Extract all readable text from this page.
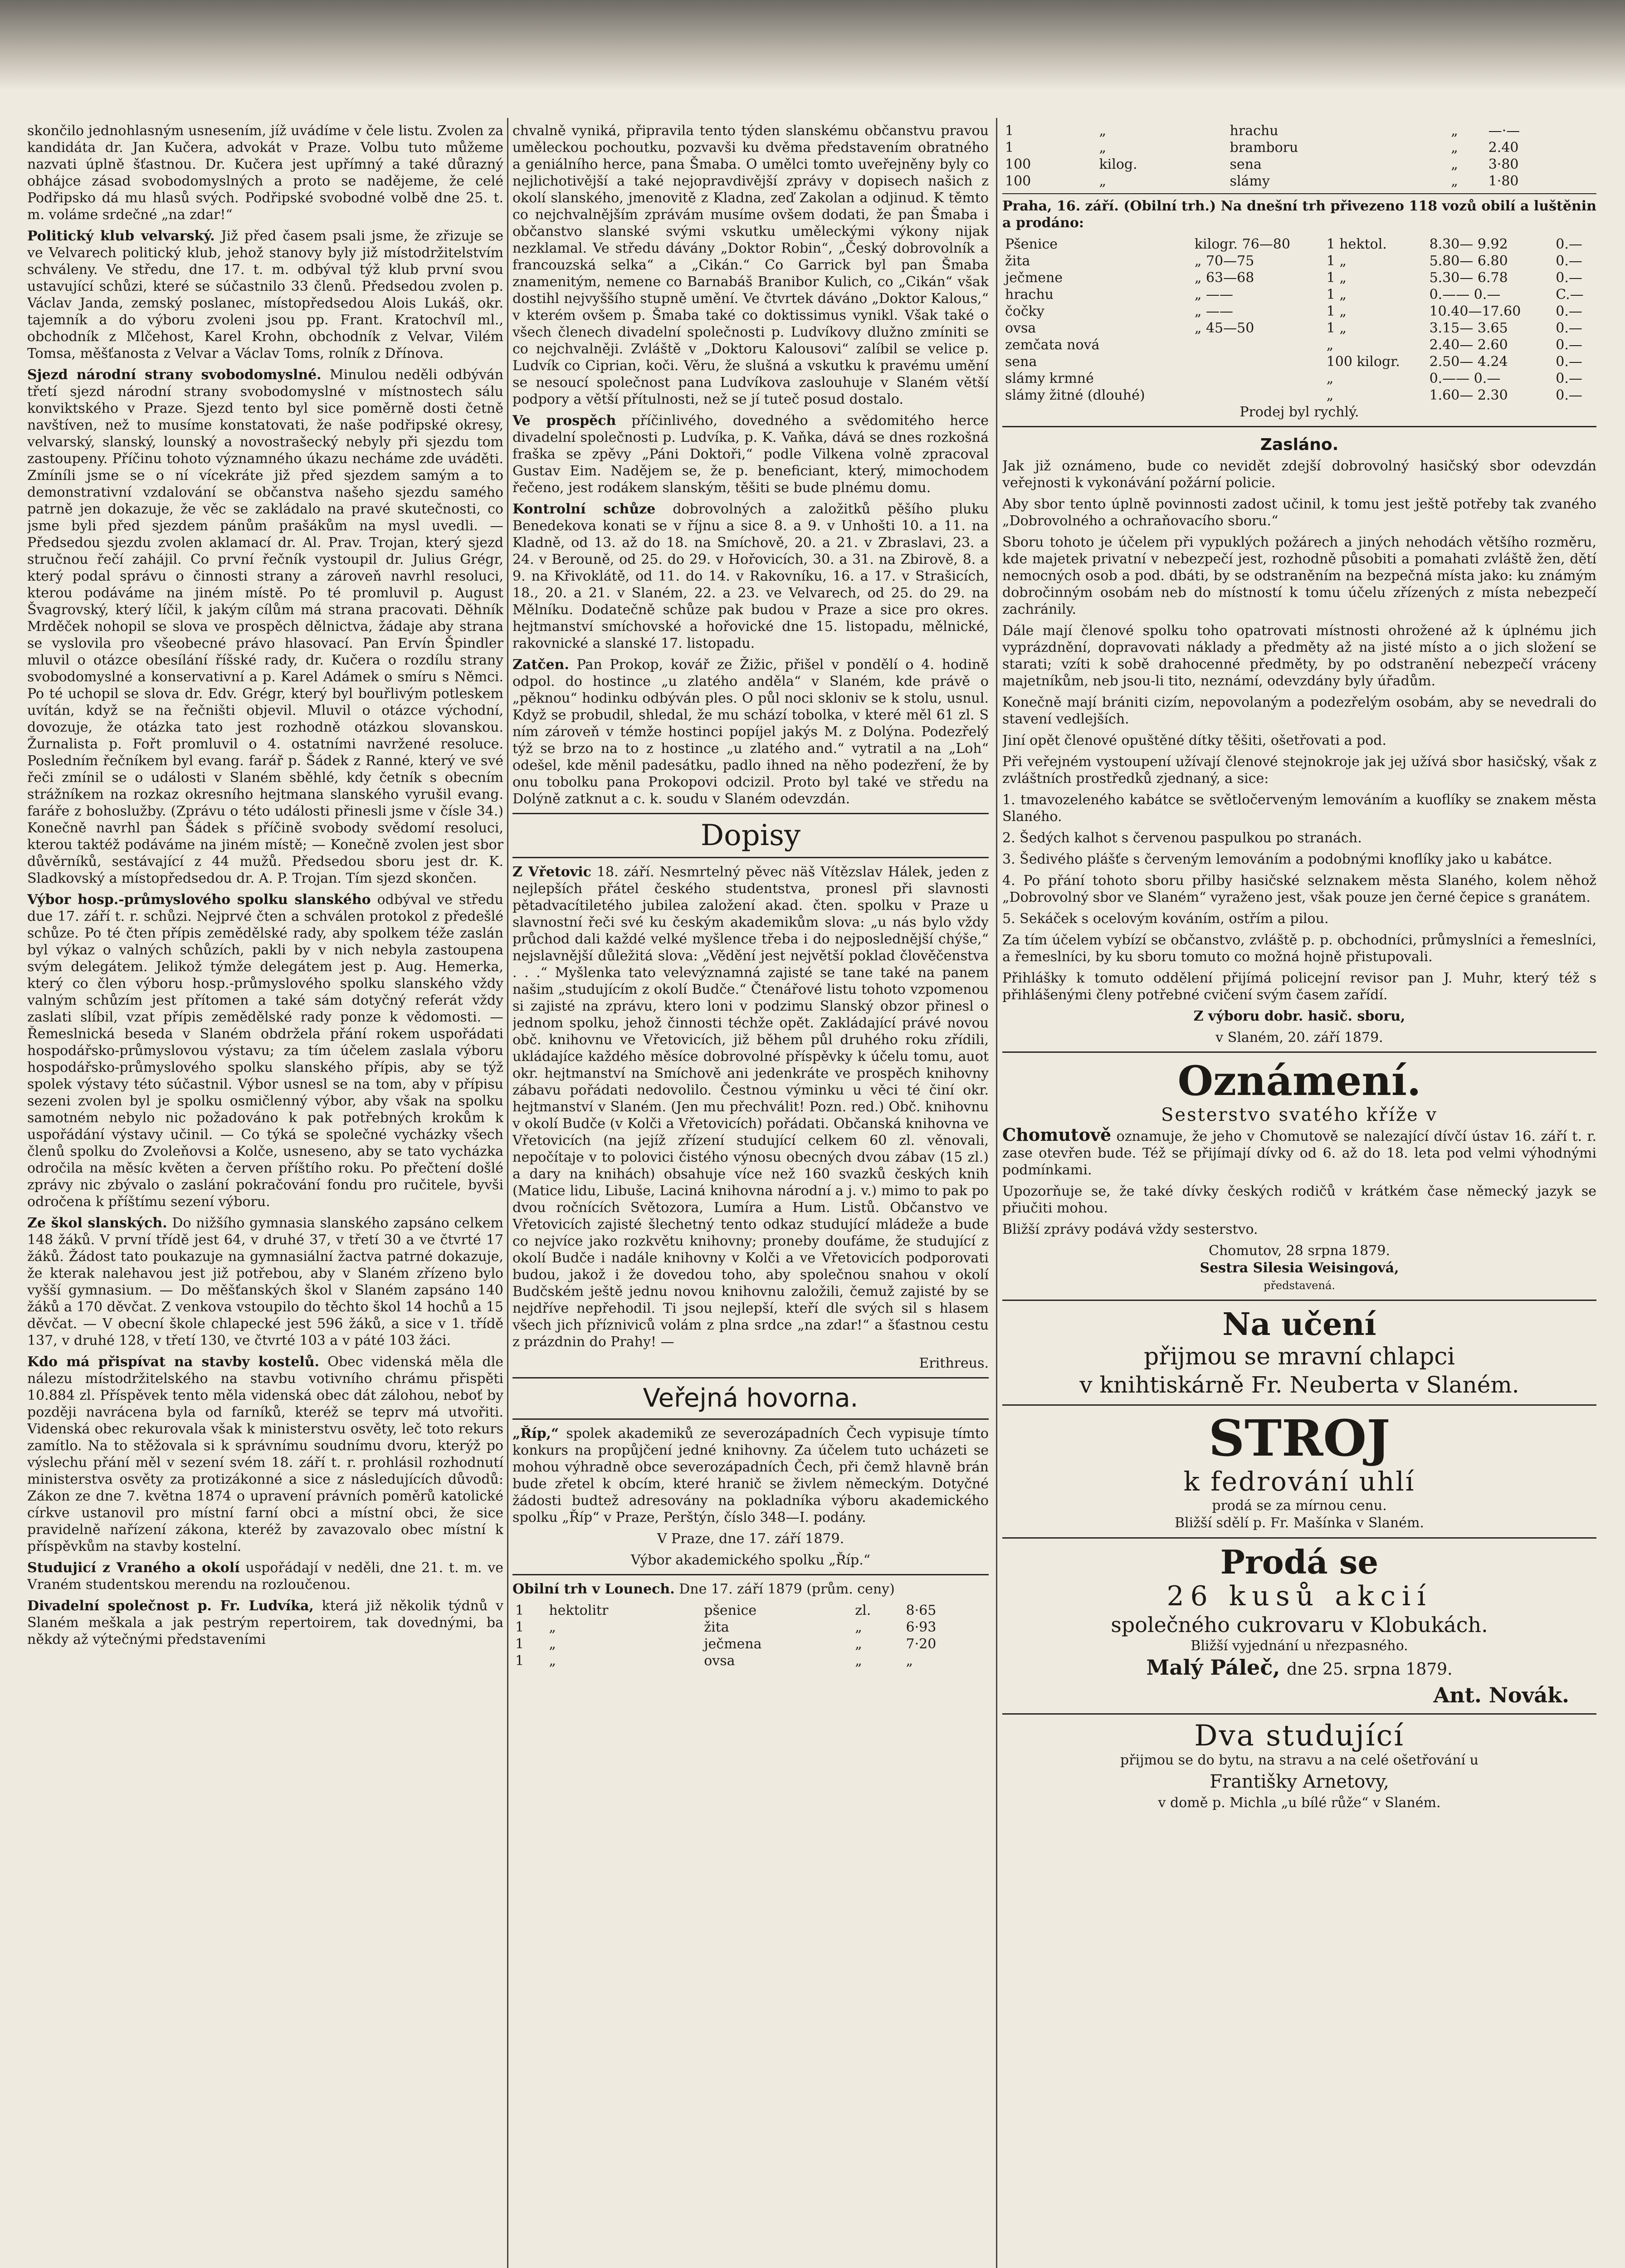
skončilo jednohlasným usnesením, jíž uvádíme v čele listu. Zvolen za kandidáta dr. Jan Kučera, advokát v Praze. Volbu tuto můžeme nazvati úplně šťastnou. Dr. Kučera jest upřímný a také důrazný obhájce zásad svobodomyslných a proto se nadějeme, že celé Podřipsko dá mu hlasů svých. Podřipské svobodné volbě dne 25. t. m. voláme srdečné „na zdar!“

Politický klub velvarský. Již před časem psali jsme, že zřizuje se ve Velvarech politický klub, jehož stanovy byly již místodržitelstvím schváleny. Ve středu, dne 17. t. m. odbýval týž klub první svou ustavující schůzi, které se súčastnilo 33 členů. Předsedou zvolen p. Václav Janda, zemský poslanec, místopředsedou Alois Lukáš, okr. tajemník a do výboru zvoleni jsou pp. Frant. Kratochvíl ml., obchodník z Mlčehost, Karel Krohn, obchodník z Velvar, Vilém Tomsa, měšťanosta z Velvar a Václav Toms, rolník z Dřínova.

Sjezd národní strany svobodomyslné. Minulou neděli odbýván třetí sjezd národní strany svobodomyslné v místnostech sálu konviktského v Praze. Sjezd tento byl sice poměrně dosti četně navštíven, než to musíme konstatovati, že naše podřipské okresy, velvarský, slanský, lounský a novostrašecký nebyly při sjezdu tom zastoupeny. Příčinu tohoto významného úkazu necháme zde uváděti. Zmíníli jsme se o ní vícekráte již před sjezdem samým a to demonstrativní vzdalování se občanstva našeho sjezdu samého patrně jen dokazuje, že věc se zakládalo na pravé skutečnosti, co jsme byli před sjezdem pánům prašákům na mysl uvedli. — Předsedou sjezdu zvolen aklamací dr. Al. Prav. Trojan, který sjezd stručnou řečí zahájil. Co první řečník vystoupil dr. Julius Grégr, který podal správu o činnosti strany a zároveň navrhl resoluci, kterou podáváme na jiném místě. Po té promluvil p. August Švagrovský, který líčil, k jakým cílům má strana pracovati. Děhník Mrděček nohopil se slova ve prospěch dělnictva, žádaje aby strana se vyslovila pro všeobecné právo hlasovací. Pan Ervín Špindler mluvil o otázce obesílání říšské rady, dr. Kučera o rozdílu strany svobodomyslné a konservativní a p. Karel Adámek o smíru s Němci. Po té uchopil se slova dr. Edv. Grégr, který byl bouřlivým potleskem uvítán, když se na řečništi objevil. Mluvil o otázce východní, dovozuje, že otázka tato jest rozhodně otázkou slovanskou. Žurnalista p. Fořt promluvil o 4. ostatními navržené resoluce. Posledním řečníkem byl evang. farář p. Šádek z Ranné, který ve své řeči zmínil se o události v Slaném sběhlé, kdy četník s obecním strážníkem na rozkaz okresního hejtmana slanského vyrušil evang. faráře z bohoslužby. (Zprávu o této události přinesli jsme v čísle 34.) Konečně navrhl pan Šádek s příčině svobody svědomí resoluci, kterou taktéž podáváme na jiném místě; — Konečně zvolen jest sbor důvěrníků, sestávající z 44 mužů. Předsedou sboru jest dr. K. Sladkovský a místopředsedou dr. A. P. Trojan. Tím sjezd skončen.

Výbor hosp.-průmyslového spolku slanského odbýval ve středu due 17. září t. r. schůzi. Nejprvé čten a schválen protokol z předešlé schůze. Po té čten přípis zemědělské rady, aby spolkem téže zaslán byl výkaz o valných schůzích, pakli by v nich nebyla zastoupena svým delegátem. Jelikož týmže delegátem jest p. Aug. Hemerka, který co člen výboru hosp.-průmyslového spolku slanského vždy valným schůzím jest přítomen a také sám dotyčný referát vždy zaslati slíbil, vzat přípis zemědělské rady ponze k vědomosti. — Řemeslnická beseda v Slaném obdržela přání rokem uspořádati hospodářsko-průmyslovou výstavu; za tím účelem zaslala výboru hospodářsko-průmyslového spolku slanského přípis, aby se týž spolek výstavy této súčastnil. Výbor usnesl se na tom, aby v přípisu sezeni zvolen byl je spolku osmičlenný výbor, aby však na spolku samotném nebylo nic požadováno k pak potřebných krokům k uspořádání výstavy učinil. — Co týká se společné vycházky všech členů spolku do Zvoleňovsi a Kolče, usneseno, aby se tato vycházka odročila na měsíc květen a červen příštího roku. Po přečtení došlé zprávy nic zbývalo o zaslání pokračování fondu pro ručitele, byvši odročena k příštímu sezení výboru.

Ze škol slanských. Do nižšího gymnasia slanského zapsáno celkem 148 žáků. V první třídě jest 64, v druhé 37, v třetí 30 a ve čtvrté 17 žáků. Žádost tato poukazuje na gymnasiální žactva patrné dokazuje, že kterak nalehavou jest již potřebou, aby v Slaném zřízeno bylo vyšší gymnasium. — Do měšťanských škol v Slaném zapsáno 140 žáků a 170 děvčat. Z venkova vstoupilo do těchto škol 14 hochů a 15 děvčat. — V obecní škole chlapecké jest 596 žáků, a sice v 1. třídě 137, v druhé 128, v třetí 130, ve čtvrté 103 a v páté 103 žáci.

Kdo má přispívat na stavby kostelů. Obec videnská měla dle nálezu místodržitelského na stavbu votivního chrámu přispěti 10.884 zl. Příspěvek tento měla videnská obec dát zálohou, neboť by později navrácena byla od farníků, kteréž se teprv má utvořiti. Videnská obec rekurovala však k ministerstvu osvěty, leč toto rekurs zamítlo. Na to stěžovala si k správnímu soudnímu dvoru, kterýž po výslechu přání měl v sezení svém 18. září t. r. prohlásil rozhodnutí ministerstva osvěty za protizákonné a sice z následujících důvodů: Zákon ze dne 7. května 1874 o upravení právních poměrů katolické církve ustanovil pro místní farní obci a místní obci, že sice pravidelně nařízení zákona, kteréž by zavazovalo obec místní k příspěvkům na stavby kostelní.

Studujicí z Vraného a okolí uspořádají v neděli, dne 21. t. m. ve Vraném studentskou merendu na rozloučenou.

Divadelní společnost p. Fr. Ludvíka, která již několik týdnů v Slaném meškala a jak pestrým repertoirem, tak dovednými, ba někdy až výtečnými představeními

chvalně vyniká, připravila tento týden slanskému občanstvu pravou uměleckou pochoutku, pozvavši ku dvěma představením obratného a geniálního herce, pana Šmaba. O umělci tomto uveřejněny byly co nejlichotivější a také nejopravdivější zprávy v dopisech našich z okolí slanského, jmenovitě z Kladna, zeď Zakolan a odjinud. K těmto co nejchvalnějším zprávám musíme ovšem dodati, že pan Šmaba i občanstvo slanské svými vskutku uměleckými výkony nijak nezklamal. Ve středu dávány „Doktor Robin“, „Český dobrovolník a francouzská selka“ a „Cikán.“ Co Garrick byl pan Šmaba znamenitým, nemene co Barnabáš Branibor Kulich, co „Cikán“ však dostihl nejvyššího stupně umění. Ve čtvrtek dáváno „Doktor Kalous,“ v kterém ovšem p. Šmaba také co doktissimus vynikl. Však také o všech členech divadelní společnosti p. Ludvíkovy dlužno zmíniti se co nejchvalněji. Zvláště v „Doktoru Kalousovi“ zalíbil se velice p. Ludvík co Ciprian, koči. Věru, že slušná a vskutku k pravému umění se nesoucí společnost pana Ludvíkova zaslouhuje v Slaném větší podpory a větší přítulnosti, než se jí tuteč posud dostalo.

Ve prospěch příčinlivého, dovedného a svědomitého herce divadelní společnosti p. Ludvíka, p. K. Vaňka, dává se dnes rozkošná fraška se zpěvy „Páni Doktoři,“ podle Vilkena volně zpracoval Gustav Eim. Nadějem se, že p. beneficiant, který, mimochodem řečeno, jest rodákem slanským, těšiti se bude plnému domu.

Kontrolní schůze dobrovolných a založitků pěšího pluku Benedekova konati se v říjnu a sice 8. a 9. v Unhošti 10. a 11. na Kladně, od 13. až do 18. na Smíchově, 20. a 21. v Zbraslavi, 23. a 24. v Berouně, od 25. do 29. v Hořovicích, 30. a 31. na Zbirově, 8. a 9. na Křivoklátě, od 11. do 14. v Rakovníku, 16. a 17. v Strašicích, 18., 20. a 21. v Slaném, 22. a 23. ve Velvarech, od 25. do 29. na Mělníku. Dodatečně schůze pak budou v Praze a sice pro okres. hejtmanství smíchovské a hořovické dne 15. listopadu, mělnické, rakovnické a slanské 17. listopadu.

Zatčen. Pan Prokop, kovář ze Žižic, přišel v pondělí o 4. hodině odpol. do hostince „u zlatého anděla“ v Slaném, kde právě o „pěknou“ hodinku odbýván ples. O půl noci skloniv se k stolu, usnul. Když se probudil, shledal, že mu schází tobolka, v které měl 61 zl. S ním zároveň v témže hostinci popíjel jakýs M. z Dolýna. Podezřelý týž se brzo na to z hostince „u zlatého and.“ vytratil a na „Loh“ odešel, kde měnil padesátku, padlo ihned na něho podezření, že by onu tobolku pana Prokopovi odcizil. Proto byl také ve středu na Dolýně zatknut a c. k. soudu v Slaném odevzdán.

Dopisy

Z Vřetovic 18. září. Nesmrtelný pěvec näš Vítězslav Hálek, jeden z nejlepších přátel českého studentstva, pronesl při slavnosti pětadvacítiletého jubilea založení akad. čten. spolku v Praze u slavnostní řeči své ku českým akademikům slova: „u nás bylo vždy průchod dali každé velké myšlence třeba i do nejposlednější chýše,“ nejslavnější důležitá slova: „Vědění jest největší poklad člověčenstva . . .“ Myšlenka tato velevýznamná zajisté se tane také na panem našim „studujícím z okolí Budče.“ Čtenářové listu tohoto vzpomenou si zajisté na zprávu, ktero loni v podzimu Slanský obzor přinesl o jednom spolku, jehož činnosti téchže opět. Zakládající právé novou obč. knihovnu ve Vřetovicích, již během půl druhého roku zřídili, ukládajíce každého měsíce dobrovolné příspěvky k účelu tomu, auot okr. hejtmanství na Smíchově ani jedenkráte ve prospěch knihovny zábavu pořádati nedovolilo. Čestnou výminku u věci té činí okr. hejtmanství v Slaném. (Jen mu přechválit! Pozn. red.) Obč. knihovnu v okolí Budče (v Kolči a Vřetovicích) pořádati. Občanská knihovna ve Vřetovicích (na jejíž zřízení studující celkem 60 zl. věnovali, nepočítaje v to polovici čistého výnosu obecných dvou zábav (15 zl.) a dary na knihách) obsahuje více než 160 svazků českých knih (Matice lidu, Libuše, Laciná knihovna národní a j. v.) mimo to pak po dvou ročnících Světozora, Lumíra a Hum. Listů. Občanstvo ve Vřetovicích zajisté šlechetný tento odkaz studující mládeže a bude co nejvíce jako rozkvětu knihovny; proneby doufáme, že studující z okolí Budče i nadále knihovny v Kolči a ve Vřetovicích podporovati budou, jakož i že dovedou toho, aby společnou snahou v okolí Budčském ještě jednu novou knihovnu založili, čemuž zajisté by se nejdříve nepřehodil. Ti jsou nejlepší, kteří dle svých sil s hlasem všech jich přízniviců volám z plna srdce „na zdar!“ a šťastnou cestu z prázdnin do Prahy! —

Erithreus.

Veřejná hovorna.

„Říp,“ spolek akademiků ze severozápadních Čech vypisuje tímto konkurs na propůjčení jedné knihovny. Za účelem tuto ucházeti se mohou výhradně obce severozápadních Čech, při čemž hlavně brán bude zřetel k obcím, které hranič se živlem německým. Dotyčné žádosti budtež adresovány na pokladníka výboru akademického spolku „Říp“ v Praze, Perštýn, číslo 348—I. podány.

V Praze, dne 17. září 1879.

Výbor akademického spolku „Říp.“

Obilní trh v Lounech. Dne 17. září 1879 (prům. ceny)

1	hektolitr	pšenice	zl.	8·65
1	„	žita	„	6·93
1	„	ječmena	„	7·20
1	„	ovsa	„	„
1	„	hrachu	„	—·—
1	„	bramboru	„	2.40
100	kilog.	sena	„	3·80
100	„	slámy	„	1·80

Praha, 16. září. (Obilní trh.) Na dnešní trh přivezeno 118 vozů obilí a luštěnin a prodáno:

Pšenice	kilogr. 76—80	1 hektol.	8.30— 9.92	0.—
žita	„ 70—75	1 „	5.80— 6.80	0.—
ječmene	„ 63—68	1 „	5.30— 6.78	0.—
hrachu	„ ——	1 „	0.—— 0.—	C.—
čočky	„ ——	1 „	10.40—17.60	0.—
ovsa	„ 45—50	1 „	3.15— 3.65	0.—
zemčata nová		„	2.40— 2.60	0.—
sena		100 kilogr.	2.50— 4.24	0.—
slámy krmné		„	0.—— 0.—	0.—
slámy žitné (dlouhé)		„	1.60— 2.30	0.—

Prodej byl rychlý.

Zasláno.

Jak již oznámeno, bude co nevidět zdejší dobrovolný hasičský sbor odevzdán veřejnosti k vykonávání požární policie.

Aby sbor tento úplně povinnosti zadost učinil, k tomu jest ještě potřeby tak zvaného „Dobrovolného a ochraňovacího sboru.“

Sboru tohoto je účelem při vypuklých požárech a jiných nehodách většího rozměru, kde majetek privatní v nebezpečí jest, rozhodně působiti a pomahati zvláště žen, dětí nemocných osob a pod. dbáti, by se odstraněním na bezpečná místa jako: ku známým dobročinným osobám neb do místností k tomu účelu zřízených z místa nebezpečí zachránily.

Dále mají členové spolku toho opatrovati místnosti ohrožené až k úplnému jich vyprázdnění, dopravovati náklady a předměty až na jisté místo a o jich složení se starati; vzíti k sobě drahocenné předměty, by po odstranění nebezpečí vráceny majetníkům, neb jsou-li tito, neznámí, odevzdány byly úřadům.

Konečně mají brániti cizím, nepovolaným a podezřelým osobám, aby se nevedrali do stavení vedlejších.

Jiní opět členové opuštěné dítky těšiti, ošetřovati a pod.

Při veřejném vystoupení užívají členové stejnokroje jak jej užívá sbor hasičský, však z zvláštních prostředků zjednaný, a sice:

1. tmavozeleného kabátce se světločerveným lemováním a kuoflíky se znakem města Slaného.

2. Šedých kalhot s červenou paspulkou po stranách.

3. Šedivého plášťe s červeným lemováním a podobnými knoflíky jako u kabátce.

4. Po přání tohoto sboru přilby hasičské selznakem města Slaného, kolem něhož „Dobrovolný sbor ve Slaném“ vyraženo jest, však pouze jen černé čepice s granátem.

5. Sekáček s ocelovým kováním, ostřím a pilou.

Za tím účelem vybízí se občanstvo, zvláště p. p. obchodníci, průmyslníci a řemeslníci, a řemeslníci, by ku sboru tomuto co možná hojně přistupovali.

Přihlášky k tomuto oddělení přijímá policejní revisor pan J. Muhr, který též s přihlášenými členy potřebné cvičení svým časem zařídí.

Z výboru dobr. hasič. sboru,

v Slaném, 20. září 1879.

Oznámení.
Sesterstvo svatého kříže v

Chomutově oznamuje, že jeho v Chomutově se nalezající dívčí ústav 16. září t. r. zase otevřen bude. Též se přijímají dívky od 6. až do 18. leta pod velmi výhodnými podmínkami.

Upozorňuje se, že také dívky českých rodičů v krátkém čase německý jazyk se přiučiti mohou.

Bližší zprávy podává vždy sesterstvo.

Chomutov, 28 srpna 1879.
Sestra Silesia Weisingová,
představená.
Na učení
přijmou se mravní chlapci
v knihtiskárně Fr. Neuberta v Slaném.
STROJ
k fedrování uhlí
prodá se za mírnou cenu.
Bližší sdělí p. Fr. Mašínka v Slaném.
Prodá se
26 kusů akcií
společného cukrovaru v Klobukách.
Bližší vyjednání u nřezpasného.
Malý Páleč, dne 25. srpna 1879.
Ant. Novák.
Dva studující
přijmou se do bytu, na stravu a na celé ošetřování u
Františky Arnetovy,
v domě p. Michla „u bílé růže“ v Slaném.
